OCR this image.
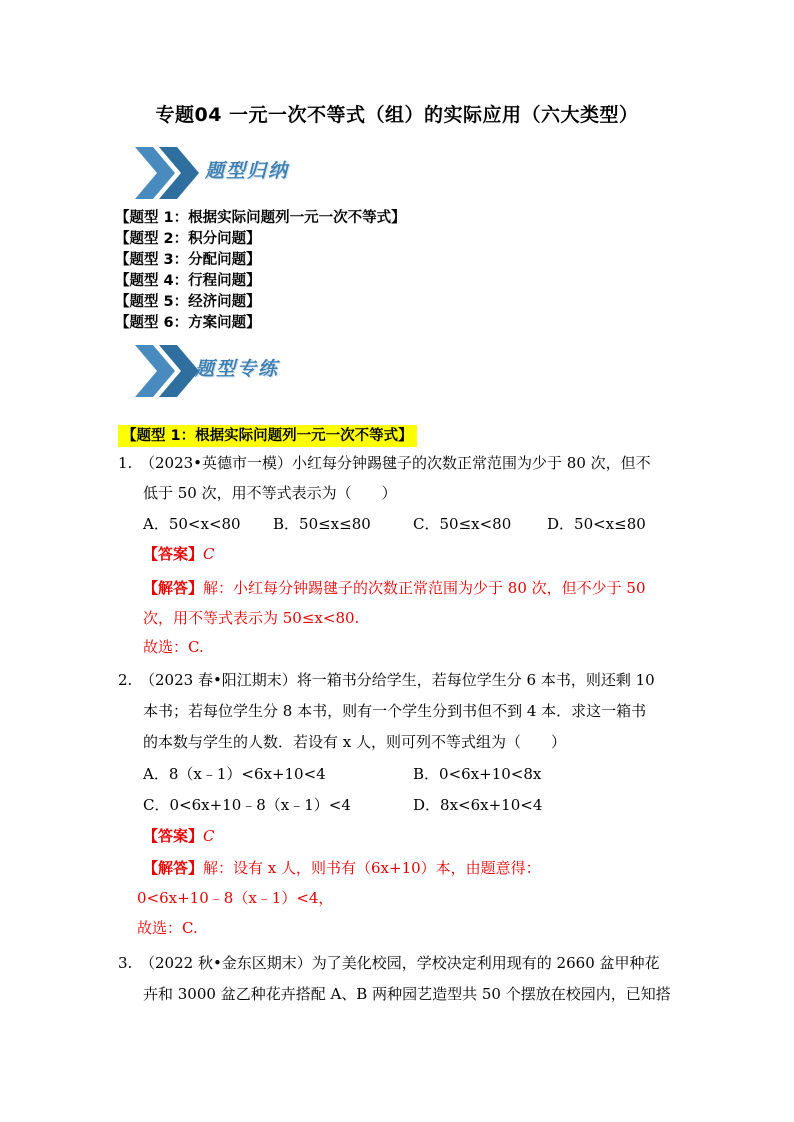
专题04 一元一次不等式（组）的实际应用（六大类型）
题型归纳
【题型 1：根据实际问题列一元一次不等式】
【题型 2：积分问题】
【题型 3：分配问题】
【题型 4：行程问题】
【题型 5：经济问题】
【题型 6：方案问题】
题型专练
【题型 1：根据实际问题列一元一次不等式】
1. （2023•英德市一模）小红每分钟踢毽子的次数正常范围为少于 80 次，但不
低于 50 次，用不等式表示为（　　）
A．50<x<80 B．50≤x≤80	C．50≤x<80 D．50<x≤80
【答案】C
【解答】解：小红每分钟踢毽子的次数正常范围为少于 80 次，但不少于 50
次，用不等式表示为 50≤x<80.
故选：C.
2. （2023 春•阳江期末）将一箱书分给学生，若每位学生分 6 本书，则还剩 10
本书；若每位学生分 8 本书，则有一个学生分到书但不到 4 本．求这一箱书
的本数与学生的人数．若设有 x 人，则可列不等式组为（　　）
A．8（x﹣1）<6x+10<4	B．0<6x+10<8x
C．0<6x+10﹣8（x﹣1）<4	D．8x<6x+10<4
【答案】C
【解答】解：设有 x 人，则书有（6x+10）本，由题意得：
0<6x+10﹣8（x﹣1）<4，
故选：C.
3. （2022 秋•金东区期末）为了美化校园，学校决定利用现有的 2660 盆甲种花
卉和 3000 盆乙种花卉搭配 A、B 两种园艺造型共 50 个摆放在校园内，已知搭
